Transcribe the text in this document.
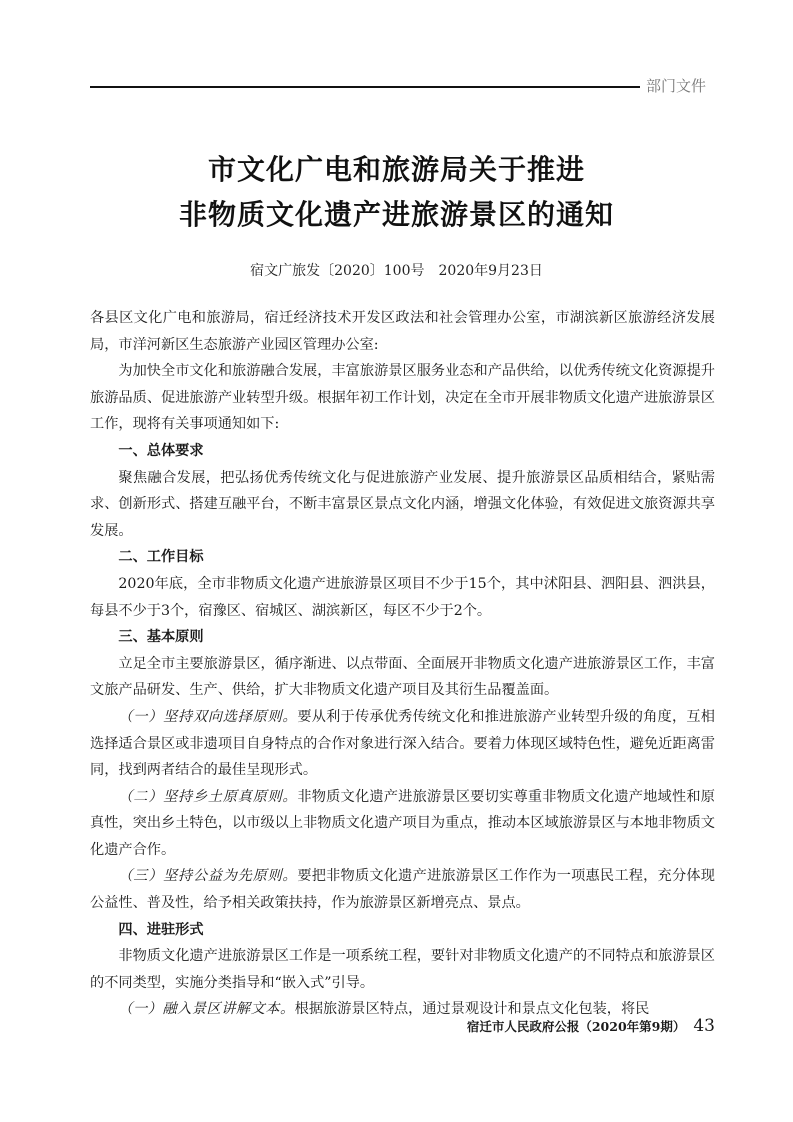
部门文件
市文化广电和旅游局关于推进
非物质文化遗产进旅游景区的通知
宿文广旅发〔2020〕100号 2020年9月23日

各县区文化广电和旅游局，宿迁经济技术开发区政法和社会管理办公室，市湖滨新区旅游经济发展局，市洋河新区生态旅游产业园区管理办公室:

为加快全市文化和旅游融合发展，丰富旅游景区服务业态和产品供给，以优秀传统文化资源提升旅游品质、促进旅游产业转型升级。根据年初工作计划，决定在全市开展非物质文化遗产进旅游景区工作，现将有关事项通知如下:

一、总体要求

聚焦融合发展，把弘扬优秀传统文化与促进旅游产业发展、提升旅游景区品质相结合，紧贴需求、创新形式、搭建互融平台，不断丰富景区景点文化内涵，增强文化体验，有效促进文旅资源共享发展。

二、工作目标

2020年底，全市非物质文化遗产进旅游景区项目不少于15个，其中沭阳县、泗阳县、泗洪县，每县不少于3个，宿豫区、宿城区、湖滨新区，每区不少于2个。

三、基本原则

立足全市主要旅游景区，循序渐进、以点带面、全面展开非物质文化遗产进旅游景区工作，丰富文旅产品研发、生产、供给，扩大非物质文化遗产项目及其衍生品覆盖面。

（一）坚持双向选择原则。要从利于传承优秀传统文化和推进旅游产业转型升级的角度，互相选择适合景区或非遗项目自身特点的合作对象进行深入结合。要着力体现区域特色性，避免近距离雷同，找到两者结合的最佳呈现形式。

（二）坚持乡土原真原则。非物质文化遗产进旅游景区要切实尊重非物质文化遗产地域性和原真性，突出乡土特色，以市级以上非物质文化遗产项目为重点，推动本区域旅游景区与本地非物质文化遗产合作。

（三）坚持公益为先原则。要把非物质文化遗产进旅游景区工作作为一项惠民工程，充分体现公益性、普及性，给予相关政策扶持，作为旅游景区新增亮点、景点。

四、进驻形式

非物质文化遗产进旅游景区工作是一项系统工程，要针对非物质文化遗产的不同特点和旅游景区的不同类型，实施分类指导和“嵌入式”引导。

（一）融入景区讲解文本。根据旅游景区特点，通过景观设计和景点文化包装，将民

宿迁市人民政府公报（2020年第9期） 43
